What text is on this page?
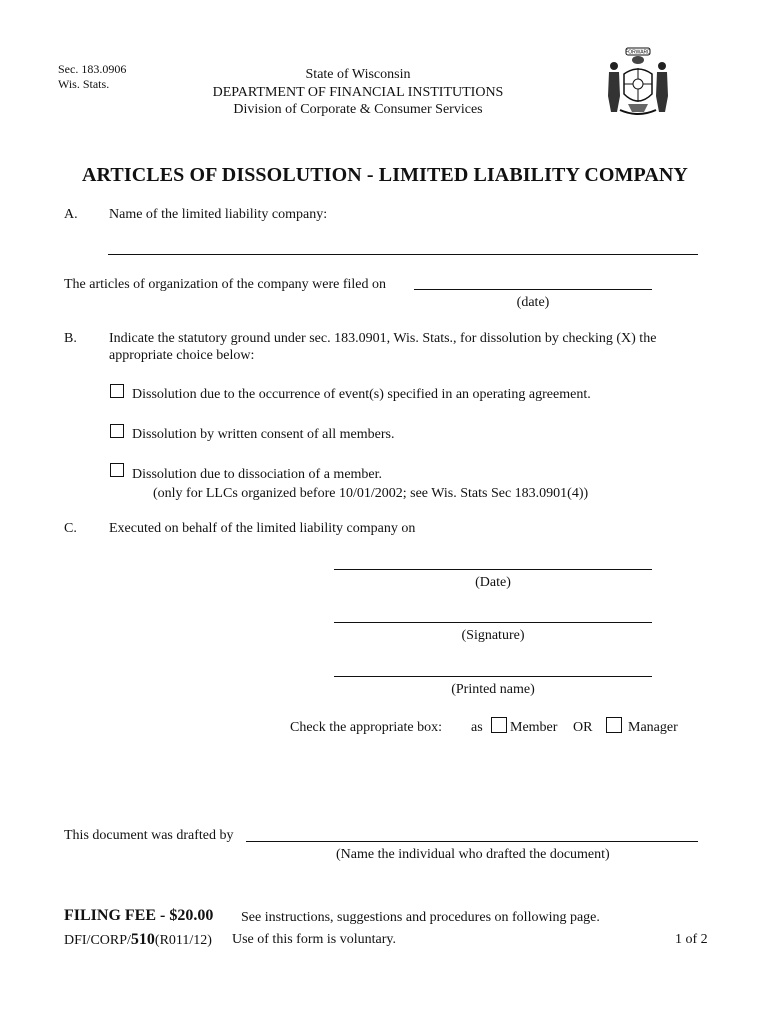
Sec. 183.0906
Wis. Stats.
State of Wisconsin
DEPARTMENT OF FINANCIAL INSTITUTIONS
Division of Corporate & Consumer Services
FORWARD
ARTICLES OF DISSOLUTION - LIMITED LIABILITY COMPANY
A. Name of the limited liability company:
The articles of organization of the company were filed on
(date)
B. Indicate the statutory ground under sec. 183.0901, Wis. Stats., for dissolution by checking (X) the
appropriate choice below:
Dissolution due to the occurrence of event(s) specified in an operating agreement.
Dissolution by written consent of all members.
Dissolution due to dissociation of a member.
(only for LLCs organized before 10/01/2002; see Wis. Stats Sec 183.0901(4))
C. Executed on behalf of the limited liability company on
(Date)
(Signature)
(Printed name)
Check the appropriate box: as Member OR	Manager
This document was drafted by
(Name the individual who drafted the document)
FILING FEE - $20.00 See instructions, suggestions and procedures on following page.
DFI/CORP/510(R011/12) Use of this form is voluntary.	1 of 2
